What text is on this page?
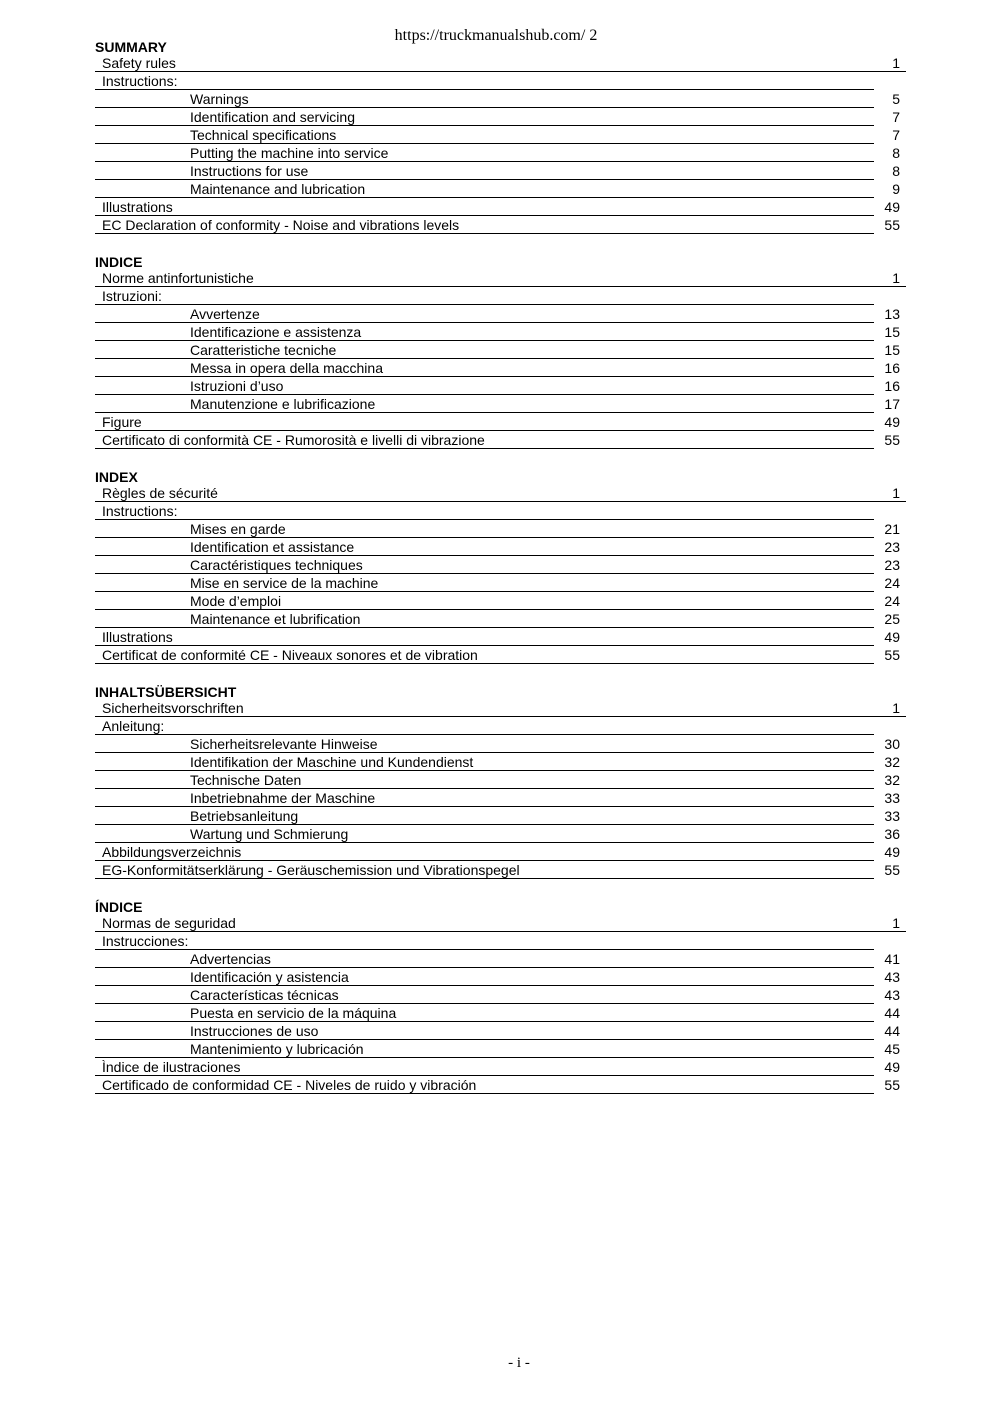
https://truckmanualshub.com/ 2
SUMMARY
Safety rules	1
Instructions:
Warnings	5
Identification and servicing	7
Technical specifications	7
Putting the machine into service	8
Instructions for use	8
Maintenance and lubrication	9
Illustrations	49
EC Declaration of conformity - Noise and vibrations levels	55
INDICE
Norme antinfortunistiche	1
Istruzioni:
Avvertenze	13
Identificazione e assistenza	15
Caratteristiche tecniche	15
Messa in opera della macchina	16
Istruzioni d’uso	16
Manutenzione e lubrificazione	17
Figure	49
Certificato di conformità CE - Rumorosità e livelli di vibrazione	55
INDEX
Règles de sécurité	1
Instructions:
Mises en garde	21
Identification et assistance	23
Caractéristiques techniques	23
Mise en service de la machine	24
Mode d’emploi	24
Maintenance et lubrification	25
Illustrations	49
Certificat de conformité CE - Niveaux sonores et de vibration	55
INHALTSÜBERSICHT
Sicherheitsvorschriften	1
Anleitung:
Sicherheitsrelevante Hinweise	30
Identifikation der Maschine und Kundendienst	32
Technische Daten	32
Inbetriebnahme der Maschine	33
Betriebsanleitung	33
Wartung und Schmierung	36
Abbildungsverzeichnis	49
EG-Konformitätserklärung - Geräuschemission und Vibrationspegel	55
ÍNDICE
Normas de seguridad	1
Instrucciones:
Advertencias	41
Identificación y asistencia	43
Características técnicas	43
Puesta en servicio de la máquina	44
Instrucciones de uso	44
Mantenimiento y lubricación	45
Ìndice de ilustraciones	49
Certificado de conformidad CE - Niveles de ruido y vibración	55
- i -
